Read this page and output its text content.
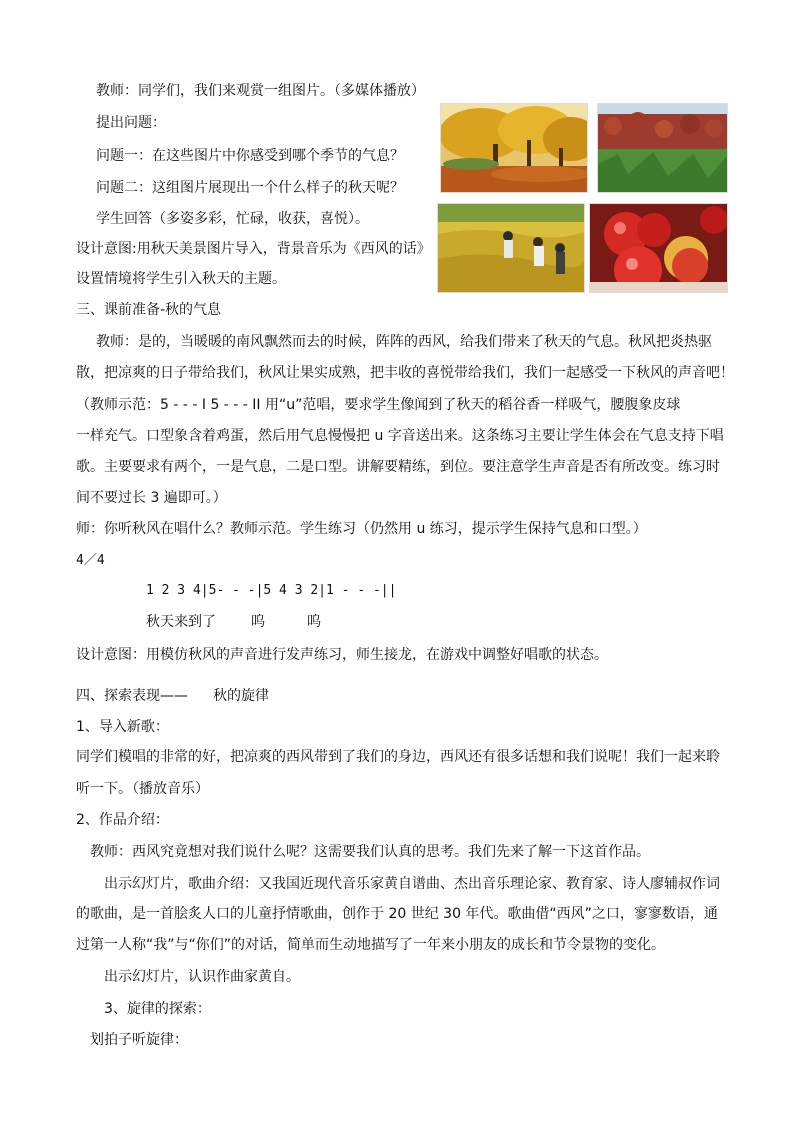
教师：同学们，我们来观赏一组图片。（多媒体播放）
提出问题：
问题一：在这些图片中你感受到哪个季节的气息？
问题二：这组图片展现出一个什么样子的秋天呢？
学生回答（多姿多彩，忙碌，收获，喜悦）。
设计意图:用秋天美景图片导入，背景音乐为《西风的话》
设置情境将学生引入秋天的主题。
三、课前准备-秋的气息
教师：是的，当暖暖的南风飘然而去的时候，阵阵的西风，给我们带来了秋天的气息。秋风把炎热驱
散，把凉爽的日子带给我们，秋风让果实成熟，把丰收的喜悦带给我们，我们一起感受一下秋风的声音吧！
（教师示范：5 - - - I 5 - - - II 用“u”范唱，要求学生像闻到了秋天的稻谷香一样吸气，腰腹象皮球
一样充气。口型象含着鸡蛋，然后用气息慢慢把 u 字音送出来。这条练习主要让学生体会在气息支持下唱
歌。主要要求有两个，一是气息，二是口型。讲解要精练，到位。要注意学生声音是否有所改变。练习时
间不要过长 3 遍即可。）
师：你听秋风在唱什么？教师示范。学生练习（仍然用 u 练习，提示学生保持气息和口型。）
4／4
1 2 3 4|5- - -|5 4 3 2|1 - - -||
秋天来到了	呜	呜
设计意图：用模仿秋风的声音进行发声练习，师生接龙，在游戏中调整好唱歌的状态。
四、探索表现—— 秋的旋律
1、导入新歌：
同学们模唱的非常的好，把凉爽的西风带到了我们的身边，西风还有很多话想和我们说呢！我们一起来聆
听一下。（播放音乐）
2、作品介绍：
教师：西风究竟想对我们说什么呢？这需要我们认真的思考。我们先来了解一下这首作品。
出示幻灯片，歌曲介绍：又我国近现代音乐家黄自谱曲、杰出音乐理论家、教育家、诗人廖辅叔作词
的歌曲，是一首脍炙人口的儿童抒情歌曲，创作于 20 世纪 30 年代。歌曲借“西风”之口，寥寥数语，通
过第一人称“我”与“你们”的对话，简单而生动地描写了一年来小朋友的成长和节令景物的变化。
出示幻灯片，认识作曲家黄自。
3、旋律的探索：
划拍子听旋律：
